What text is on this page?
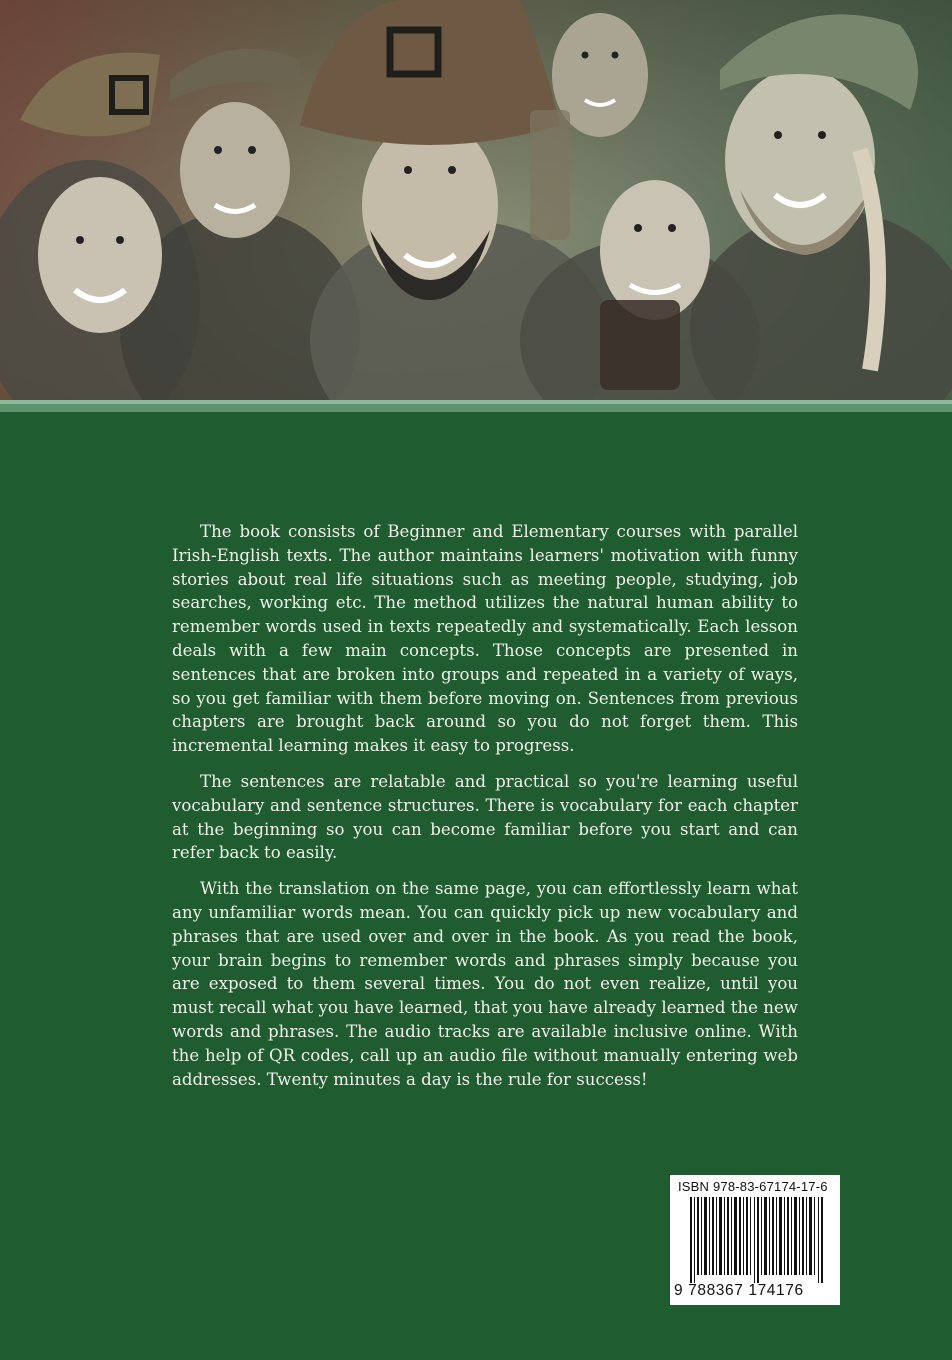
The book consists of Beginner and Elementary courses with parallel Irish-English texts. The author maintains learners' motivation with funny stories about real life situations such as meeting people, studying, job searches, working etc. The method utilizes the natural human ability to remember words used in texts repeatedly and systematically. Each lesson deals with a few main concepts. Those concepts are presented in sentences that are broken into groups and repeated in a variety of ways, so you get familiar with them before moving on. Sentences from previous chapters are brought back around so you do not forget them. This incremental learning makes it easy to progress.

The sentences are relatable and practical so you're learning useful vocabulary and sentence structures. There is vocabulary for each chapter at the beginning so you can become familiar before you start and can refer back to easily.

With the translation on the same page, you can effortlessly learn what any unfamiliar words mean. You can quickly pick up new vocabulary and phrases that are used over and over in the book. As you read the book, your brain begins to remember words and phrases simply because you are exposed to them several times. You do not even realize, until you must recall what you have learned, that you have already learned the new words and phrases. The audio tracks are available inclusive online. With the help of QR codes, call up an audio file without manually entering web addresses. Twenty minutes a day is the rule for success!

ISBN 978-83-67174-17-6
9 788367 174176
